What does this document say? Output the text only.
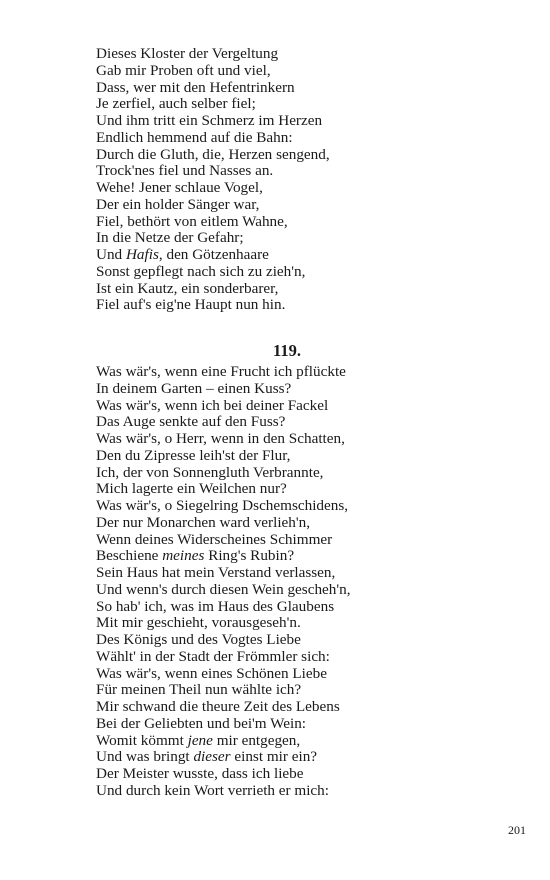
Dieses Kloster der Vergeltung
Gab mir Proben oft und viel,
Dass, wer mit den Hefentrinkern
Je zerfiel, auch selber fiel;
Und ihm tritt ein Schmerz im Herzen
Endlich hemmend auf die Bahn:
Durch die Gluth, die, Herzen sengend,
Trock'nes fiel und Nasses an.
Wehe! Jener schlaue Vogel,
Der ein holder Sänger war,
Fiel, bethört von eitlem Wahne,
In die Netze der Gefahr;
Und Hafis, den Götzenhaare
Sonst gepflegt nach sich zu zieh'n,
Ist ein Kautz, ein sonderbarer,
Fiel auf's eig'ne Haupt nun hin.
119.
Was wär's, wenn eine Frucht ich pflückte
In deinem Garten – einen Kuss?
Was wär's, wenn ich bei deiner Fackel
Das Auge senkte auf den Fuss?
Was wär's, o Herr, wenn in den Schatten,
Den du Zipresse leih'st der Flur,
Ich, der von Sonnengluth Verbrannte,
Mich lagerte ein Weilchen nur?
Was wär's, o Siegelring Dschemschidens,
Der nur Monarchen ward verlieh'n,
Wenn deines Widerscheines Schimmer
Beschiene meines Ring's Rubin?
Sein Haus hat mein Verstand verlassen,
Und wenn's durch diesen Wein gescheh'n,
So hab' ich, was im Haus des Glaubens
Mit mir geschieht, vorausgeseh'n.
Des Königs und des Vogtes Liebe
Wählt' in der Stadt der Frömmler sich:
Was wär's, wenn eines Schönen Liebe
Für meinen Theil nun wählte ich?
Mir schwand die theure Zeit des Lebens
Bei der Geliebten und bei'm Wein:
Womit kömmt jene mir entgegen,
Und was bringt dieser einst mir ein?
Der Meister wusste, dass ich liebe
Und durch kein Wort verrieth er mich:
201
